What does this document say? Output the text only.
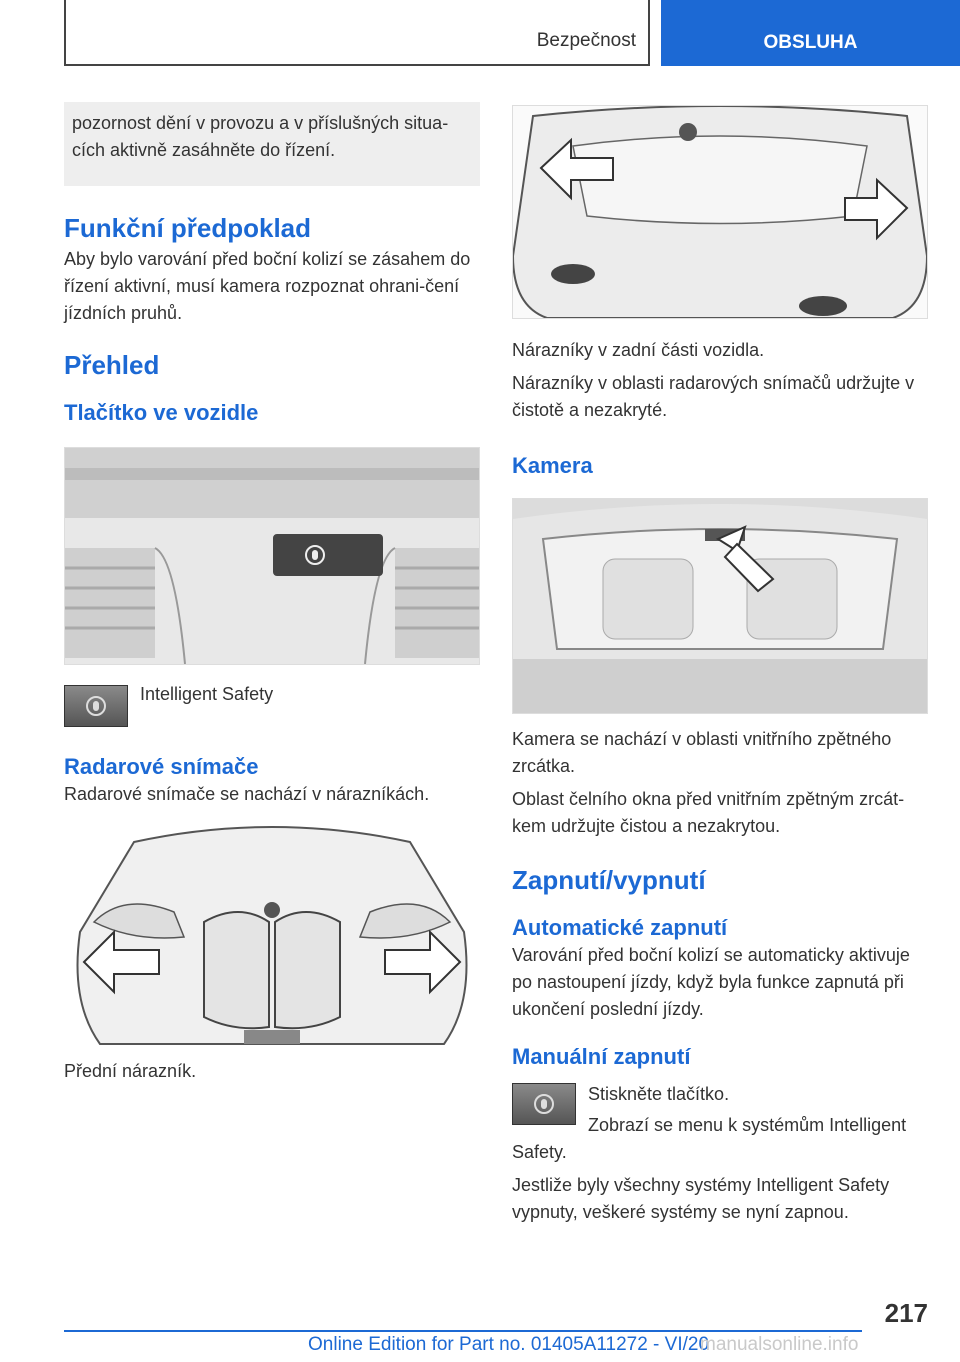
Bezpečnost	OBSLUHA
pozornost dění v provozu a v příslušných situa‐cích aktivně zasáhněte do řízení.
Funkční předpoklad

Aby bylo varování před boční kolizí se zásahem do řízení aktivní, musí kamera rozpoznat ohrani‐čení jízdních pruhů.

Přehled
Tlačítko ve vozidle

Intelligent Safety

Radarové snímače

Radarové snímače se nachází v nárazníkách.

Přední nárazník.

Nárazníky v zadní části vozidla.

Nárazníky v oblasti radarových snímačů udržujte v čistotě a nezakryté.

Kamera

Kamera se nachází v oblasti vnitřního zpětného zrcátka.

Oblast čelního okna před vnitřním zpětným zrcát‐kem udržujte čistou a nezakrytou.

Zapnutí/vypnutí
Automatické zapnutí

Varování před boční kolizí se automaticky aktivuje po nastoupení jízdy, když byla funkce zapnutá při ukončení poslední jízdy.

Manuální zapnutí

Stiskněte tlačítko.

Zobrazí se menu k systémům Intelligent Safety.

Jestliže byly všechny systémy Intelligent Safety vypnuty, veškeré systémy se nyní zapnou.

217
Online Edition for Part no. 01405A11272 - VI/20
manualsonline.info
